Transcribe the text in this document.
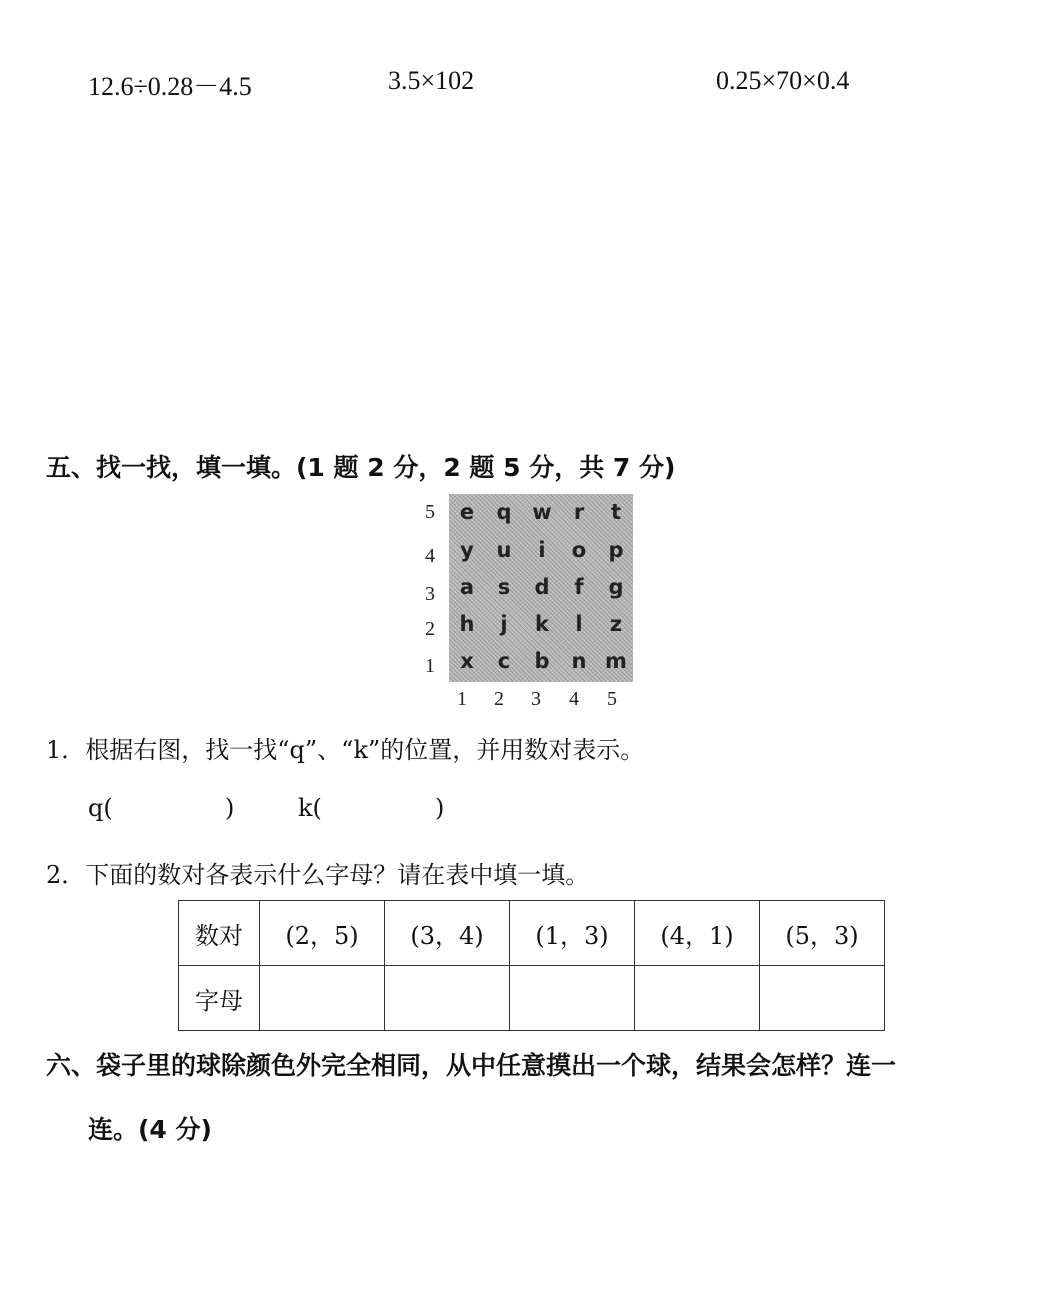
12.6÷0.28－4.5	3.5×102	0.25×70×0.4
五、找一找，填一填。(1 题 2 分，2 题 5 分，共 7 分)
5
4
3
2
1
e	q w	r	t
y	u	i	o	p
a	s	d	f	g
h	j	k	l	z
x	c	b	n m
1 2 3 4 5
1．根据右图，找一找“q”、“k”的位置，并用数对表示。
q(	)	k(	)
2．下面的数对各表示什么字母？请在表中填一填。
数对	(2，5)	(3，4)	(1，3)	(4，1)	(5，3)
字母					
六、袋子里的球除颜色外完全相同，从中任意摸出一个球，结果会怎样？连一
连。(4 分)
